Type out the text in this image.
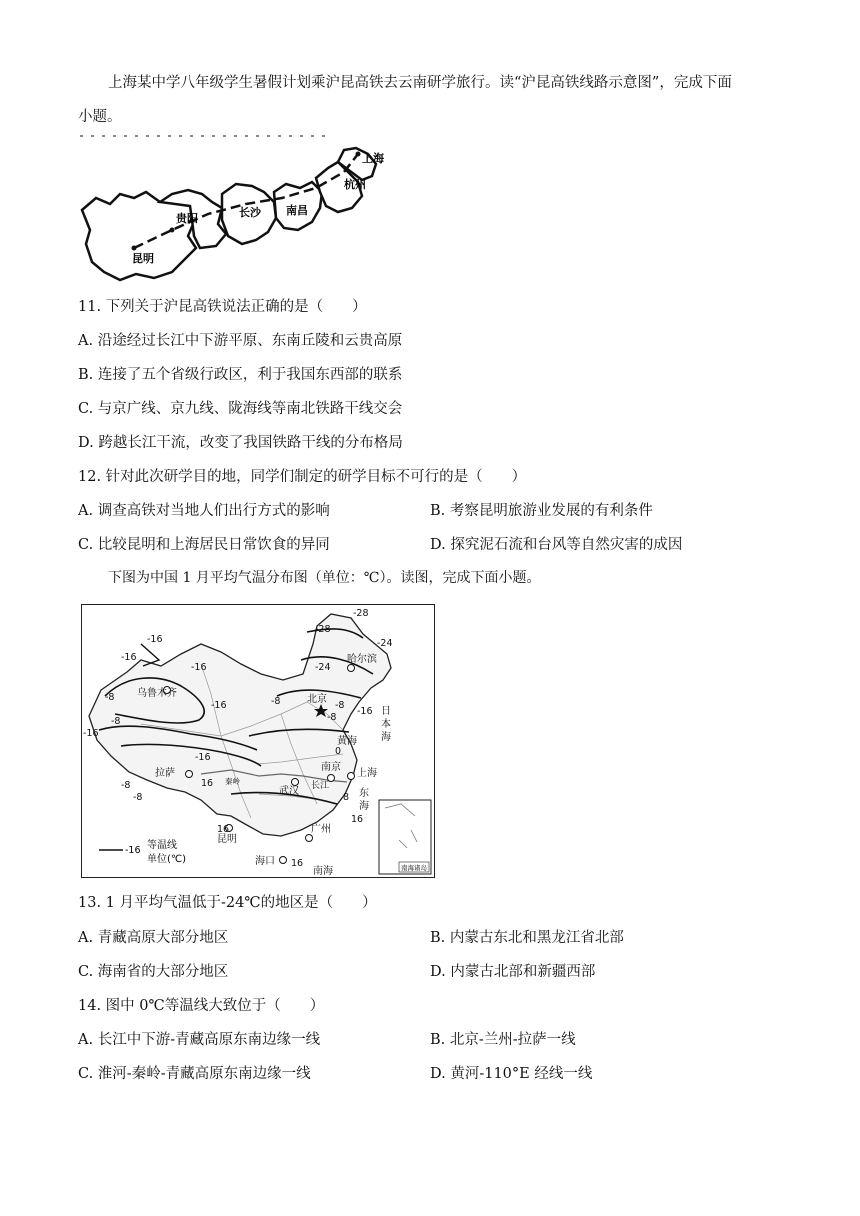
上海某中学八年级学生暑假计划乘沪昆高铁去云南研学旅行。读“沪昆高铁线路示意图”，完成下面
小题。
昆明
贵阳	长沙 南昌
杭州
上海
11. 下列关于沪昆高铁说法正确的是（　　）
A. 沿途经过长江中下游平原、东南丘陵和云贵高原
B. 连接了五个省级行政区，利于我国东西部的联系
C. 与京广线、京九线、陇海线等南北铁路干线交会
D. 跨越长江干流，改变了我国铁路干线的分布格局
12. 针对此次研学目的地，同学们制定的研学目标不可行的是（　　）
A. 调查高铁对当地人们出行方式的影响	B. 考察昆明旅游业发展的有利条件
C. 比较昆明和上海居民日常饮食的异同	D. 探究泥石流和台风等自然灾害的成因
下图为中国 1 月平均气温分布图（单位：℃）。读图，完成下面小题。
-28
-28
-24
-24
-16
-16
-16
-16
-16
-16
-16
-8
-8	-8
-8
-8
-8
-8
0
8
16
16
16
16
乌鲁木齐
哈尔滨
北京
拉萨
武汉
南京
上海
昆明
广州
海口
秦岭
日本海
黄海
东海
南海
长江
南海诸岛
-16 等温线
单位(℃)
13. 1 月平均气温低于-24℃的地区是（　　）
A. 青藏高原大部分地区	B. 内蒙古东北和黑龙江省北部
C. 海南省的大部分地区	D. 内蒙古北部和新疆西部
14. 图中 0℃等温线大致位于（　　）
A. 长江中下游-青藏高原东南边缘一线	B. 北京-兰州-拉萨一线
C. 淮河-秦岭-青藏高原东南边缘一线	D. 黄河-110°E 经线一线
